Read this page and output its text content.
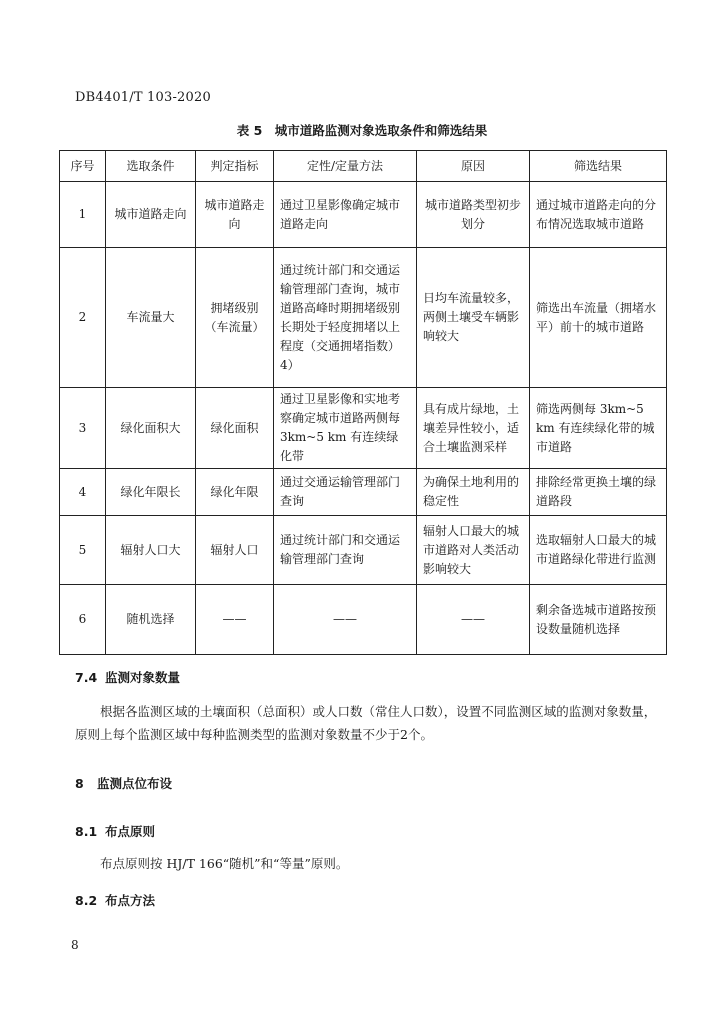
DB4401/T 103-2020
表 5　城市道路监测对象选取条件和筛选结果
序号	选取条件	判定指标	定性/定量方法	原因	筛选结果
1	城市道路走向	城市道路走向	通过卫星影像确定城市道路走向	城市道路类型初步划分	通过城市道路走向的分布情况选取城市道路
2	车流量大	拥堵级别（车流量）	通过统计部门和交通运输管理部门查询，城市道路高峰时期拥堵级别长期处于轻度拥堵以上程度（交通拥堵指数）4）	日均车流量较多，两侧土壤受车辆影响较大	筛选出车流量（拥堵水平）前十的城市道路
3	绿化面积大	绿化面积	通过卫星影像和实地考察确定城市道路两侧每3km~5 km 有连续绿化带	具有成片绿地，土壤差异性较小，适合土壤监测采样	筛选两侧每 3km~5 km 有连续绿化带的城市道路
4	绿化年限长	绿化年限	通过交通运输管理部门查询	为确保土地利用的稳定性	排除经常更换土壤的绿道路段
5	辐射人口大	辐射人口	通过统计部门和交通运输管理部门查询	辐射人口最大的城市道路对人类活动影响较大	选取辐射人口最大的城市道路绿化带进行监测
6	随机选择	——	——	——	剩余备选城市道路按预设数量随机选择
7.4 监测对象数量
根据各监测区域的土壤面积（总面积）或人口数（常住人口数），设置不同监测区域的监测对象数量，原则上每个监测区域中每种监测类型的监测对象数量不少于2个。
8 监测点位布设
8.1 布点原则
布点原则按 HJ/T 166“随机”和“等量”原则。
8.2 布点方法
8
